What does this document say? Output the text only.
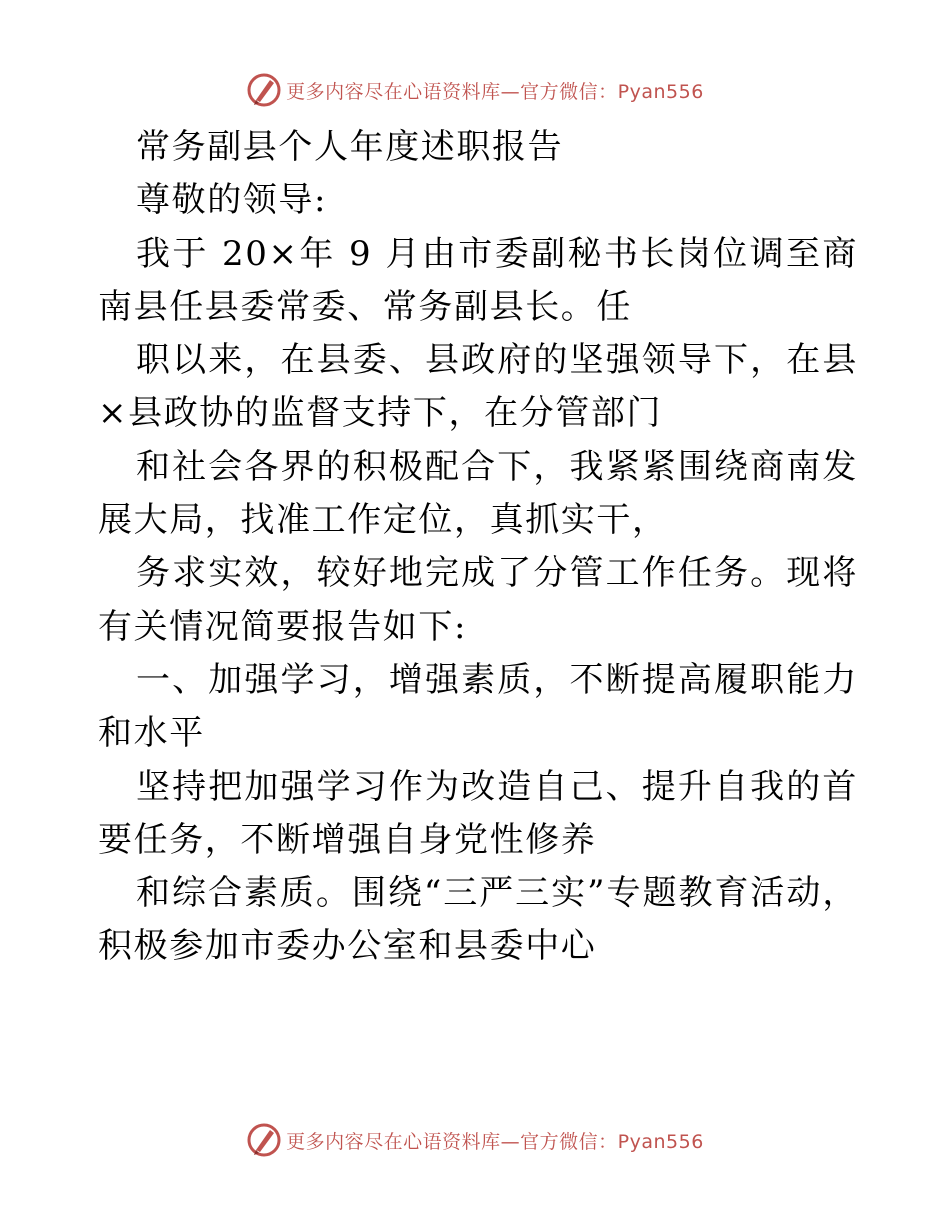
更多内容尽在心语资料库—官方微信：Pyan556

常务副县个人年度述职报告

尊敬的领导:

我于 20×年 9 月由市委副秘书长岗位调至商南县任县委常委、常务副县长。任

职以来，在县委、县政府的坚强领导下，在县×县政协的监督支持下，在分管部门

和社会各界的积极配合下，我紧紧围绕商南发展大局，找准工作定位，真抓实干，

务求实效，较好地完成了分管工作任务。现将有关情况简要报告如下:

一、加强学习，增强素质，不断提高履职能力和水平

坚持把加强学习作为改造自己、提升自我的首要任务，不断增强自身党性修养

和综合素质。围绕“三严三实”专题教育活动，积极参加市委办公室和县委中心

更多内容尽在心语资料库—官方微信：Pyan556
